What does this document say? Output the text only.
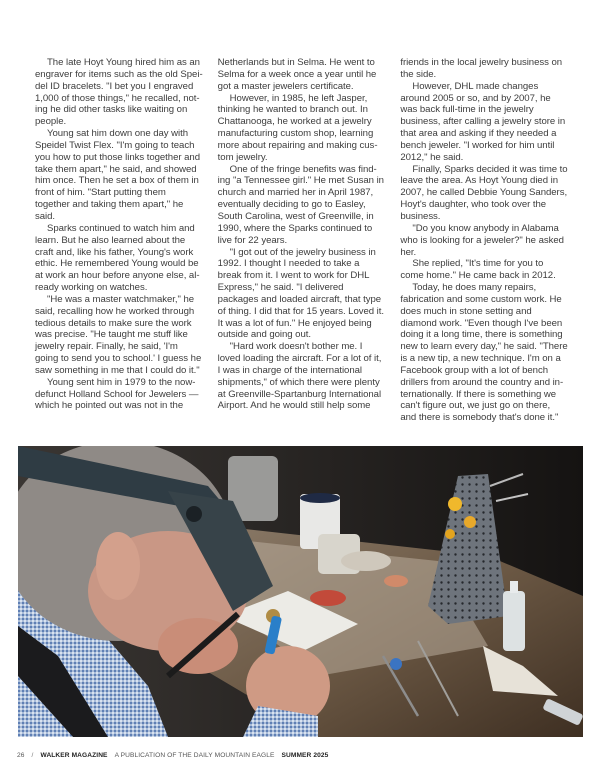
The late Hoyt Young hired him as an engraver for items such as the old Speidel ID bracelets. "I bet you I engraved 1,000 of those things," he recalled, noting he did other tasks like waiting on people.

Young sat him down one day with Speidel Twist Flex. "I'm going to teach you how to put those links together and take them apart," he said, and showed him once. Then he set a box of them in front of him. "Start putting them together and taking them apart," he said.

Sparks continued to watch him and learn. But he also learned about the craft and, like his father, Young's work ethic. He remembered Young would be at work an hour before anyone else, already working on watches.

"He was a master watchmaker," he said, recalling how he worked through tedious details to make sure the work was precise. "He taught me stuff like jewelry repair. Finally, he said, 'I'm going to send you to school.' I guess he saw something in me that I could do it."

Young sent him in 1979 to the now-defunct Holland School for Jewelers — which he pointed out was not in the

Netherlands but in Selma. He went to Selma for a week once a year until he got a master jewelers certificate.

However, in 1985, he left Jasper, thinking he wanted to branch out. In Chattanooga, he worked at a jewelry manufacturing custom shop, learning more about repairing and making custom jewelry.

One of the fringe benefits was finding "a Tennessee girl." He met Susan in church and married her in April 1987, eventually deciding to go to Easley, South Carolina, west of Greenville, in 1990, where the Sparks continued to live for 22 years.

"I got out of the jewelry business in 1992. I thought I needed to take a break from it. I went to work for DHL Express," he said. "I delivered packages and loaded aircraft, that type of thing. I did that for 15 years. Loved it. It was a lot of fun." He enjoyed being outside and going out.

"Hard work doesn't bother me. I loved loading the aircraft. For a lot of it, I was in charge of the international shipments," of which there were plenty at Greenville-Spartanburg International Airport. And he would still help some

friends in the local jewelry business on the side.

However, DHL made changes around 2005 or so, and by 2007, he was back full-time in the jewelry business, after calling a jewelry store in that area and asking if they needed a bench jeweler. "I worked for him until 2012," he said.

Finally, Sparks decided it was time to leave the area. As Hoyt Young died in 2007, he called Debbie Young Sanders, Hoyt's daughter, who took over the business.

"Do you know anybody in Alabama who is looking for a jeweler?" he asked her.

She replied, "It's time for you to come home." He came back in 2012.

Today, he does many repairs, fabrication and some custom work. He does much in stone setting and diamond work. "Even though I've been doing it a long time, there is something new to learn every day," he said. "There is a new tip, a new technique. I'm on a Facebook group with a lot of bench drillers from around the country and internationally. If there is something we can't figure out, we just go on there, and there is somebody that's done it."

26 / WALKER MAGAZINE A PUBLICATION OF THE DAILY MOUNTAIN EAGLE SUMMER 2025
